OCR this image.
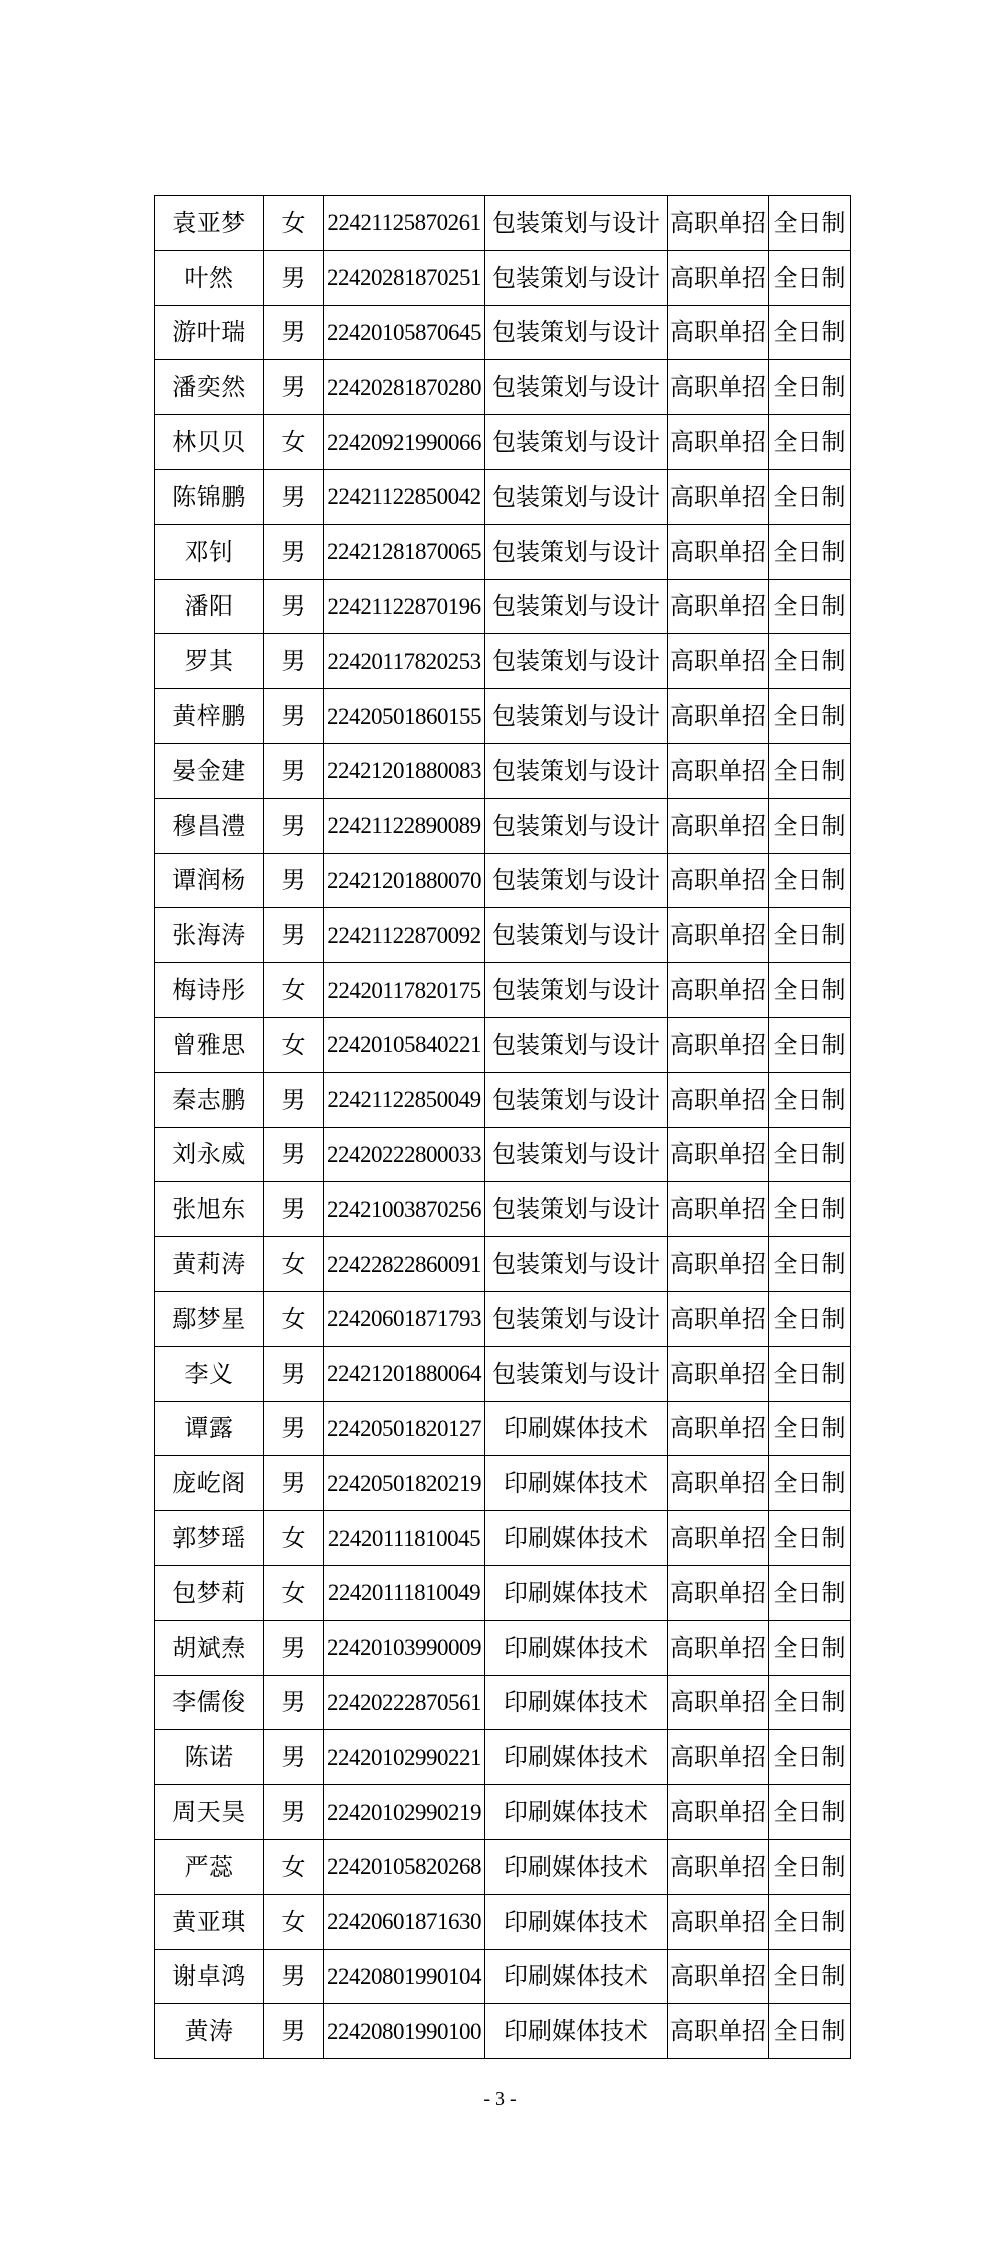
袁亚梦	女	22421125870261	包装策划与设计	高职单招	全日制
叶然	男	22420281870251	包装策划与设计	高职单招	全日制
游叶瑞	男	22420105870645	包装策划与设计	高职单招	全日制
潘奕然	男	22420281870280	包装策划与设计	高职单招	全日制
林贝贝	女	22420921990066	包装策划与设计	高职单招	全日制
陈锦鹏	男	22421122850042	包装策划与设计	高职单招	全日制
邓钊	男	22421281870065	包装策划与设计	高职单招	全日制
潘阳	男	22421122870196	包装策划与设计	高职单招	全日制
罗其	男	22420117820253	包装策划与设计	高职单招	全日制
黄梓鹏	男	22420501860155	包装策划与设计	高职单招	全日制
晏金建	男	22421201880083	包装策划与设计	高职单招	全日制
穆昌澧	男	22421122890089	包装策划与设计	高职单招	全日制
谭润杨	男	22421201880070	包装策划与设计	高职单招	全日制
张海涛	男	22421122870092	包装策划与设计	高职单招	全日制
梅诗彤	女	22420117820175	包装策划与设计	高职单招	全日制
曾雅思	女	22420105840221	包装策划与设计	高职单招	全日制
秦志鹏	男	22421122850049	包装策划与设计	高职单招	全日制
刘永威	男	22420222800033	包装策划与设计	高职单招	全日制
张旭东	男	22421003870256	包装策划与设计	高职单招	全日制
黄莉涛	女	22422822860091	包装策划与设计	高职单招	全日制
鄢梦星	女	22420601871793	包装策划与设计	高职单招	全日制
李义	男	22421201880064	包装策划与设计	高职单招	全日制
谭露	男	22420501820127	印刷媒体技术	高职单招	全日制
庞屹阁	男	22420501820219	印刷媒体技术	高职单招	全日制
郭梦瑶	女	22420111810045	印刷媒体技术	高职单招	全日制
包梦莉	女	22420111810049	印刷媒体技术	高职单招	全日制
胡斌焘	男	22420103990009	印刷媒体技术	高职单招	全日制
李儒俊	男	22420222870561	印刷媒体技术	高职单招	全日制
陈诺	男	22420102990221	印刷媒体技术	高职单招	全日制
周天昊	男	22420102990219	印刷媒体技术	高职单招	全日制
严蕊	女	22420105820268	印刷媒体技术	高职单招	全日制
黄亚琪	女	22420601871630	印刷媒体技术	高职单招	全日制
谢卓鸿	男	22420801990104	印刷媒体技术	高职单招	全日制
黄涛	男	22420801990100	印刷媒体技术	高职单招	全日制
- 3 -
